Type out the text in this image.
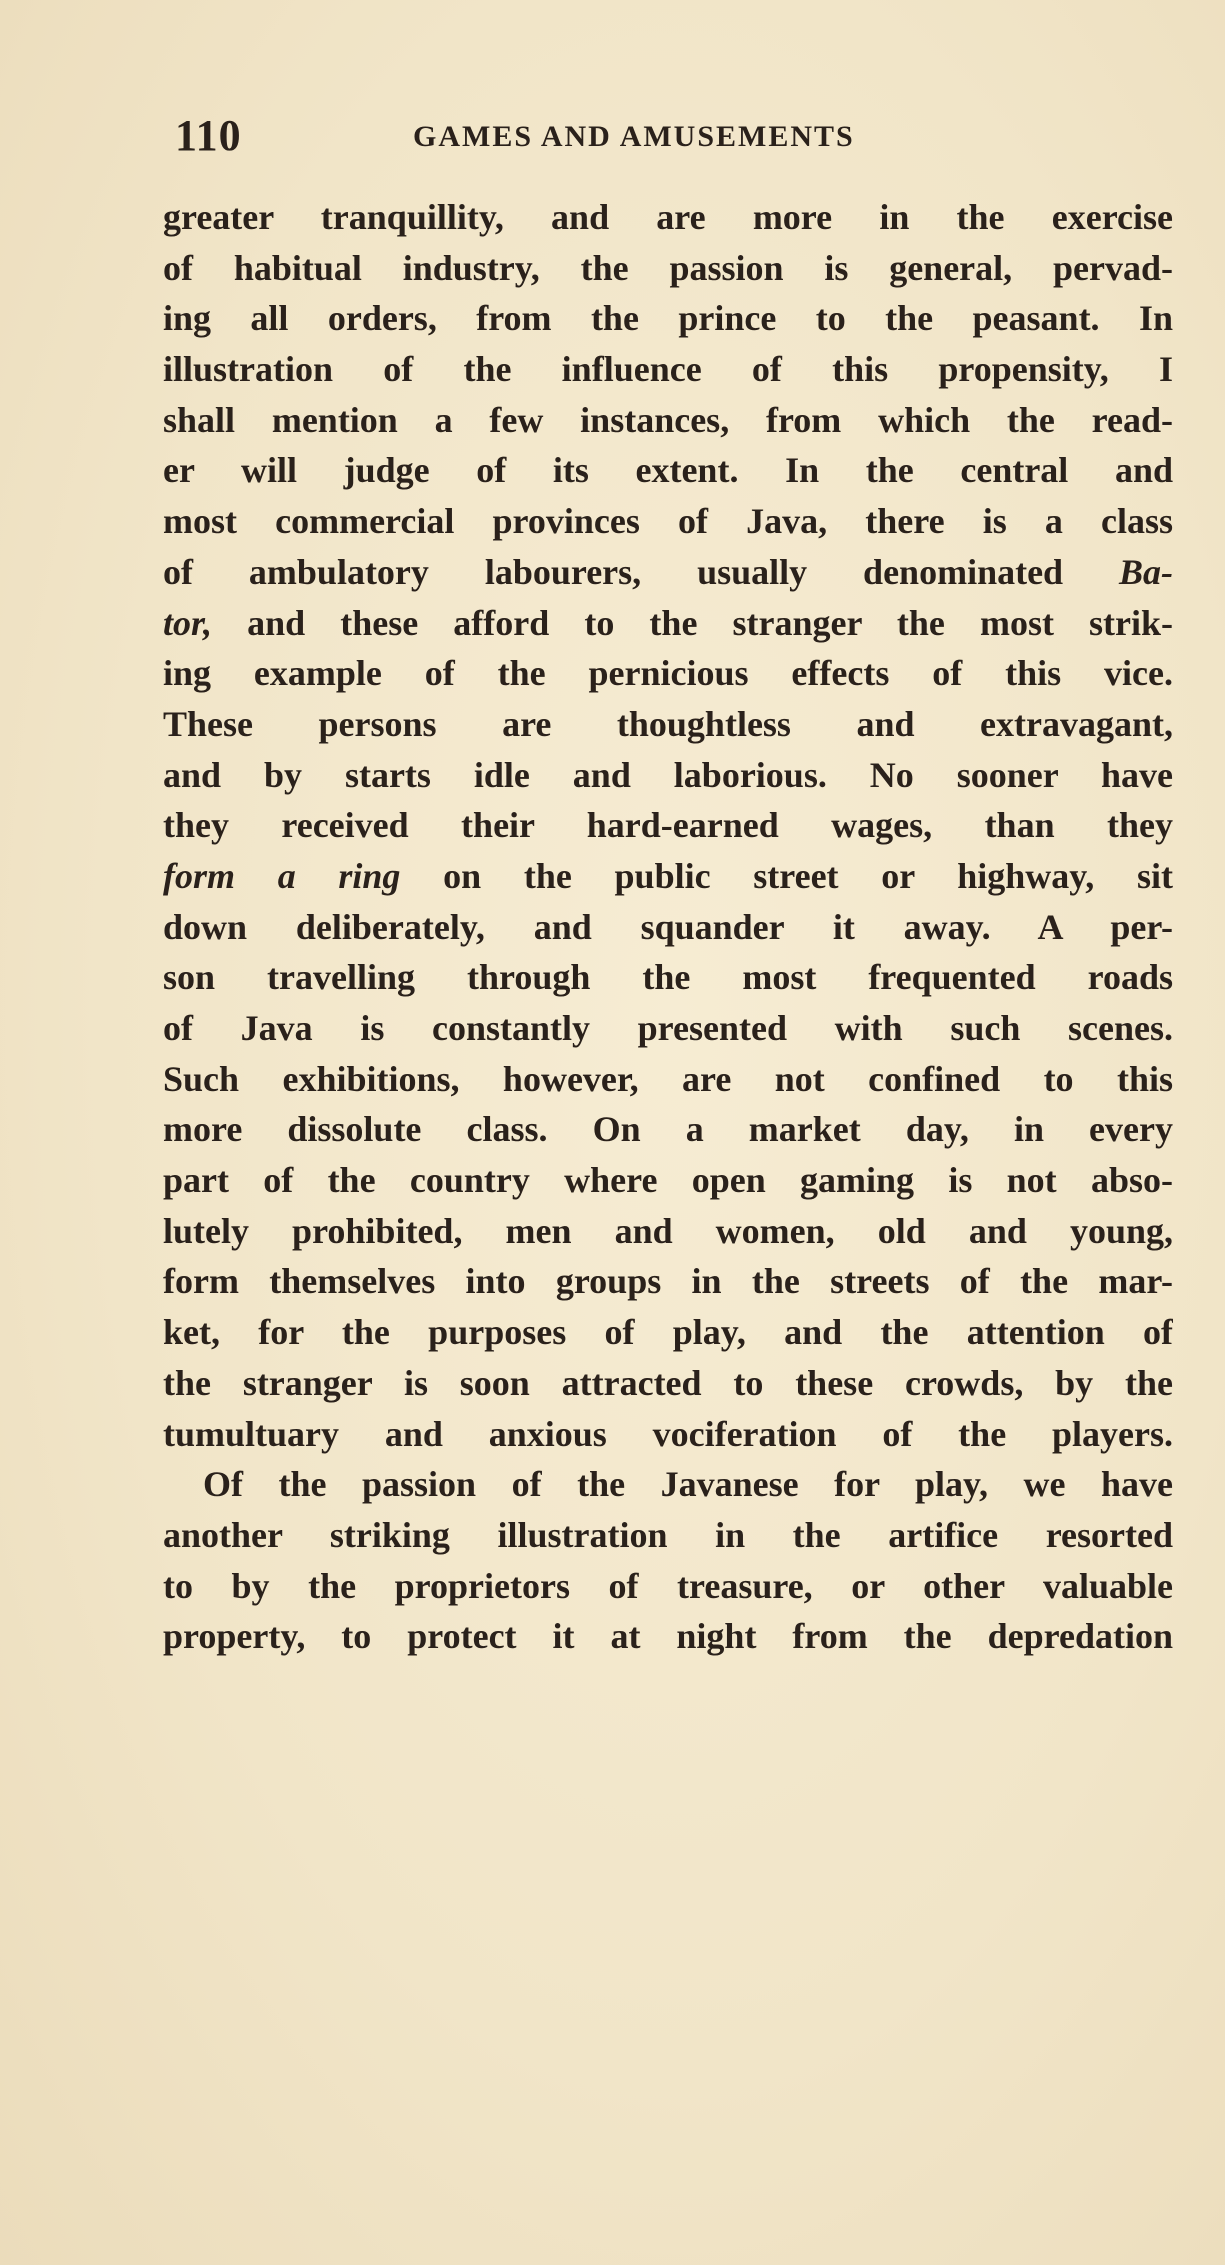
110	GAMES AND AMUSEMENTS
greater tranquillity, and are more in the exercise
of habitual industry, the passion is general, pervad-
ing all orders, from the prince to the peasant. In
illustration of the influence of this propensity, I
shall mention a few instances, from which the read-
er will judge of its extent. In the central and
most commercial provinces of Java, there is a class
of ambulatory labourers, usually denominated Ba-
tor, and these afford to the stranger the most strik-
ing example of the pernicious effects of this vice.
These persons are thoughtless and extravagant,
and by starts idle and laborious. No sooner have
they received their hard-earned wages, than they
form a ring on the public street or highway, sit
down deliberately, and squander it away. A per-
son travelling through the most frequented roads
of Java is constantly presented with such scenes.
Such exhibitions, however, are not confined to this
more dissolute class. On a market day, in every
part of the country where open gaming is not abso-
lutely prohibited, men and women, old and young,
form themselves into groups in the streets of the mar-
ket, for the purposes of play, and the attention of
the stranger is soon attracted to these crowds, by the
tumultuary and anxious vociferation of the players.
Of the passion of the Javanese for play, we have
another striking illustration in the artifice resorted
to by the proprietors of treasure, or other valuable
property, to protect it at night from the depredation
